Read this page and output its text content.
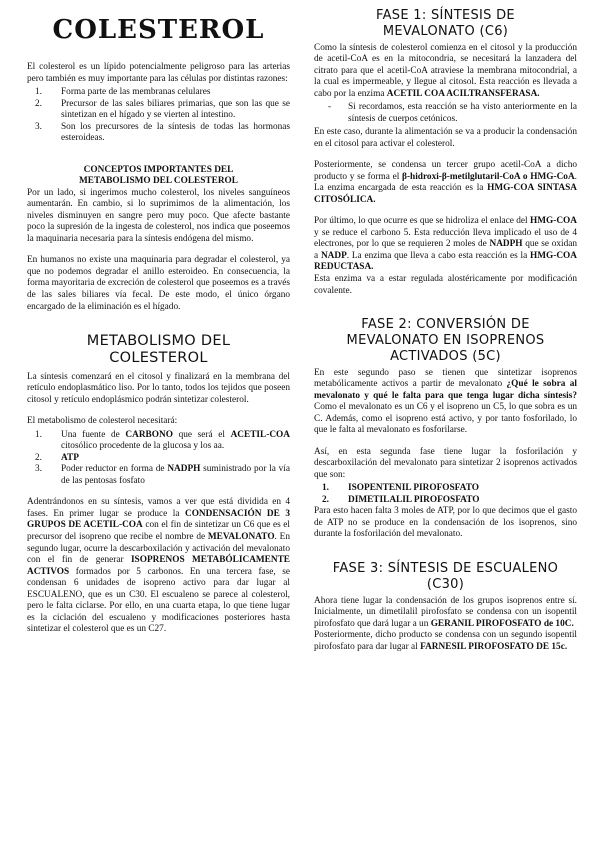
COLESTEROL

El colesterol es un lípido potencialmente peligroso para las arterias pero también es muy importante para las células por distintas razones:

1. Forma parte de las membranas celulares
2. Precursor de las sales biliares primarias, que son las que se sintetizan en el hígado y se vierten al intestino.
3. Son los precursores de la síntesis de todas las hormonas esteroideas.
CONCEPTOS IMPORTANTES DEL
METABOLISMO DEL COLESTEROL

Por un lado, si ingerimos mucho colesterol, los niveles sanguíneos aumentarán. En cambio, si lo suprimimos de la alimentación, los niveles disminuyen en sangre pero muy poco. Que afecte bastante poco la supresión de la ingesta de colesterol, nos indica que poseemos la maquinaria necesaria para la síntesis endógena del mismo.

En humanos no existe una maquinaria para degradar el colesterol, ya que no podemos degradar el anillo esteroideo. En consecuencia, la forma mayoritaria de excreción de colesterol que poseemos es a través de las sales biliares vía fecal. De este modo, el único órgano encargado de la eliminación es el hígado.

METABOLISMO DEL
COLESTEROL

La síntesis comenzará en el citosol y finalizará en la membrana del retículo endoplasmático liso. Por lo tanto, todos los tejidos que poseen citosol y retículo endoplásmico podrán sintetizar colesterol.

El metabolismo de colesterol necesitará:

1. Una fuente de CARBONO que será el ACETIL-COA citosólico procedente de la glucosa y los aa.
2. ATP
3. Poder reductor en forma de NADPH suministrado por la vía de las pentosas fosfato

Adentrándonos en su síntesis, vamos a ver que está dividida en 4 fases. En primer lugar se produce la CONDENSACIÓN DE 3 GRUPOS DE ACETIL-COA con el fin de sintetizar un C6 que es el precursor del isopreno que recibe el nombre de MEVALONATO. En segundo lugar, ocurre la descarboxilación y activación del mevalonato con el fin de generar ISOPRENOS METABÓLICAMENTE ACTIVOS formados por 5 carbonos. En una tercera fase, se condensan 6 unidades de isopreno activo para dar lugar al ESCUALENO, que es un C30. El escualeno se parece al colesterol, pero le falta ciclarse. Por ello, en una cuarta etapa, lo que tiene lugar es la ciclación del escualeno y modificaciones posteriores hasta sintetizar el colesterol que es un C27.

FASE 1: SÍNTESIS DE
MEVALONATO (C6)

Como la síntesis de colesterol comienza en el citosol y la producción de acetil-CoA es en la mitocondria, se necesitará la lanzadera del citrato para que el acetil-CoA atraviese la membrana mitocondrial, a la cual es impermeable, y llegue al citosol. Esta reacción es llevada a cabo por la enzima ACETIL COA ACILTRANSFERASA.

- Si recordamos, esta reacción se ha visto anteriormente en la síntesis de cuerpos cetónicos.

En este caso, durante la alimentación se va a producir la condensación en el citosol para activar el colesterol.

Posteriormente, se condensa un tercer grupo acetil-CoA a dicho producto y se forma el β-hidroxi-β-metilglutaril-CoA o HMG-CoA. La enzima encargada de esta reacción es la HMG-COA SINTASA CITOSÓLICA.

Por último, lo que ocurre es que se hidroliza el enlace del HMG-COA y se reduce el carbono 5. Esta reducción lleva implicado el uso de 4 electrones, por lo que se requieren 2 moles de NADPH que se oxidan a NADP. La enzima que lleva a cabo esta reacción es la HMG-COA REDUCTASA.

Esta enzima va a estar regulada alostéricamente por modificación covalente.

FASE 2: CONVERSIÓN DE
MEVALONATO EN ISOPRENOS
ACTIVADOS (5C)

En este segundo paso se tienen que sintetizar isoprenos metabólicamente activos a partir de mevalonato ¿Qué le sobra al mevalonato y qué le falta para que tenga lugar dicha síntesis? Como el mevalonato es un C6 y el isopreno un C5, lo que sobra es un C. Además, como el isopreno está activo, y por tanto fosforilado, lo que le falta al mevalonato es fosforilarse.

Así, en esta segunda fase tiene lugar la fosforilación y descarboxilación del mevalonato para sintetizar 2 isoprenos activados que son:

1. ISOPENTENIL PIROFOSFATO
2. DIMETILALIL PIROFOSFATO

Para esto hacen falta 3 moles de ATP, por lo que decimos que el gasto de ATP no se produce en la condensación de los isoprenos, sino durante la fosforilación del mevalonato.

FASE 3: SÍNTESIS DE ESCUALENO
(C30)

Ahora tiene lugar la condensación de los grupos isoprenos entre sí. Inicialmente, un dimetilalil pirofosfato se condensa con un isopentil pirofosfato que dará lugar a un GERANIL PIROFOSFATO de 10C.

Posteriormente, dicho producto se condensa con un segundo isopentil pirofosfato para dar lugar al FARNESIL PIROFOSFATO DE 15c.
